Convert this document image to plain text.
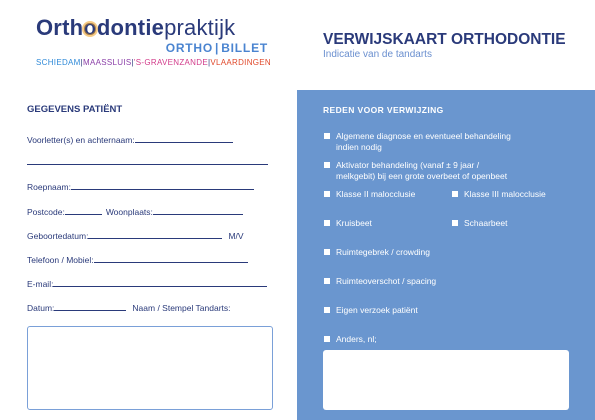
Orthodontiepraktijk
ORTHO | BILLET
SCHIEDAM|MAASSLUIS|'S-GRAVENZANDE|VLAARDINGEN
VERWIJSKAART ORTHODONTIE
Indicatie van de tandarts
GEGEVENS PATIËNT
Voorletter(s) en achternaam:
Roepnaam:
Postcode:	Woonplaats:
Geboortedatum:	M/V
Telefoon / Mobiel:
E-mail:
Datum:	Naam / Stempel Tandarts:
REDEN VOOR VERWIJZING
Algemene diagnose en eventueel behandeling
indien nodig
Aktivator behandeling (vanaf ± 9 jaar /
melkgebit) bij een grote overbeet of openbeet
Klasse II malocclusie	Klasse III malocclusie
Kruisbeet	Schaarbeet
Ruimtegebrek / crowding
Ruimteoverschot / spacing
Eigen verzoek patiënt
Anders, nl;
